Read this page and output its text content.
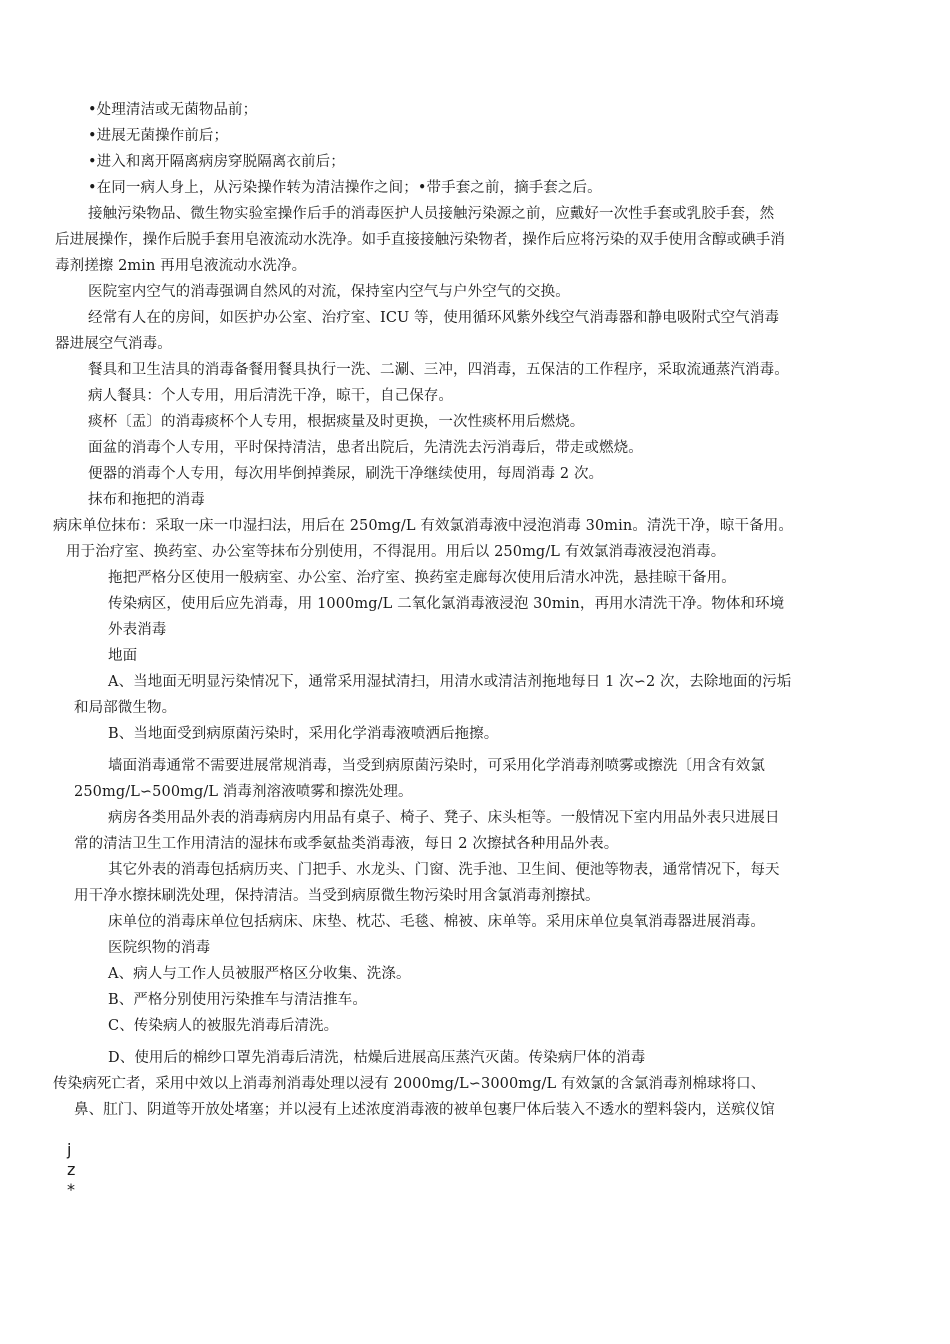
•处理清洁或无菌物品前；
•进展无菌操作前后；
•进入和离开隔离病房穿脱隔离衣前后；
•在同一病人身上，从污染操作转为清洁操作之间；•带手套之前，摘手套之后。
接触污染物品、微生物实验室操作后手的消毒医护人员接触污染源之前，应戴好一次性手套或乳胶手套，然
后进展操作，操作后脱手套用皂液流动水洗净。如手直接接触污染物者，操作后应将污染的双手使用含醇或碘手消
毒剂搓擦 2min 再用皂液流动水洗净。
医院室内空气的消毒强调自然风的对流，保持室内空气与户外空气的交换。
经常有人在的房间，如医护办公室、治疗室、ICU 等，使用循环风紫外线空气消毒器和静电吸附式空气消毒
器进展空气消毒。
餐具和卫生洁具的消毒备餐用餐具执行一洗、二涮、三冲，四消毒，五保洁的工作程序，采取流通蒸汽消毒。
病人餐具：个人专用，用后清洗干净，晾干，自己保存。
痰杯〔盂〕的消毒痰杯个人专用，根据痰量及时更换，一次性痰杯用后燃烧。
面盆的消毒个人专用，平时保持清洁，患者出院后，先清洗去污消毒后，带走或燃烧。
便器的消毒个人专用，每次用毕倒掉粪尿，刷洗干净继续使用，每周消毒 2 次。
抹布和拖把的消毒
病床单位抹布：采取一床一巾湿扫法，用后在 250mg/L 有效氯消毒液中浸泡消毒 30min。清洗干净，晾干备用。
用于治疗室、换药室、办公室等抹布分别使用，不得混用。用后以 250mg/L 有效氯消毒液浸泡消毒。
拖把严格分区使用一般病室、办公室、治疗室、换药室走廊每次使用后清水冲洗，悬挂晾干备用。
传染病区，使用后应先消毒，用 1000mg/L 二氧化氯消毒液浸泡 30min，再用水清洗干净。物体和环境
外表消毒
地面
A、当地面无明显污染情况下，通常采用湿拭清扫，用清水或清洁剂拖地每日 1 次∽2 次，去除地面的污垢
和局部微生物。
B、当地面受到病原菌污染时，采用化学消毒液喷洒后拖擦。
墙面消毒通常不需要进展常规消毒，当受到病原菌污染时，可采用化学消毒剂喷雾或擦洗〔用含有效氯
250mg/L∽500mg/L 消毒剂溶液喷雾和擦洗处理。
病房各类用品外表的消毒病房内用品有桌子、椅子、凳子、床头柜等。一般情况下室内用品外表只进展日
常的清洁卫生工作用清洁的湿抹布或季氨盐类消毒液，每日 2 次擦拭各种用品外表。
其它外表的消毒包括病历夹、门把手、水龙头、门窗、洗手池、卫生间、便池等物表，通常情况下，每天
用干净水擦抹刷洗处理，保持清洁。当受到病原微生物污染时用含氯消毒剂擦拭。
床单位的消毒床单位包括病床、床垫、枕芯、毛毯、棉被、床单等。采用床单位臭氧消毒器进展消毒。
医院织物的消毒
A、病人与工作人员被服严格区分收集、洗涤。
B、严格分别使用污染推车与清洁推车。
C、传染病人的被服先消毒后清洗。
D、使用后的棉纱口罩先消毒后清洗，枯燥后进展高压蒸汽灭菌。传染病尸体的消毒
传染病死亡者，采用中效以上消毒剂消毒处理以浸有 2000mg/L∽3000mg/L 有效氯的含氯消毒剂棉球将口、
鼻、肛门、阴道等开放处堵塞；并以浸有上述浓度消毒液的被单包裹尸体后装入不透水的塑料袋内，送殡仪馆
j
z
*
